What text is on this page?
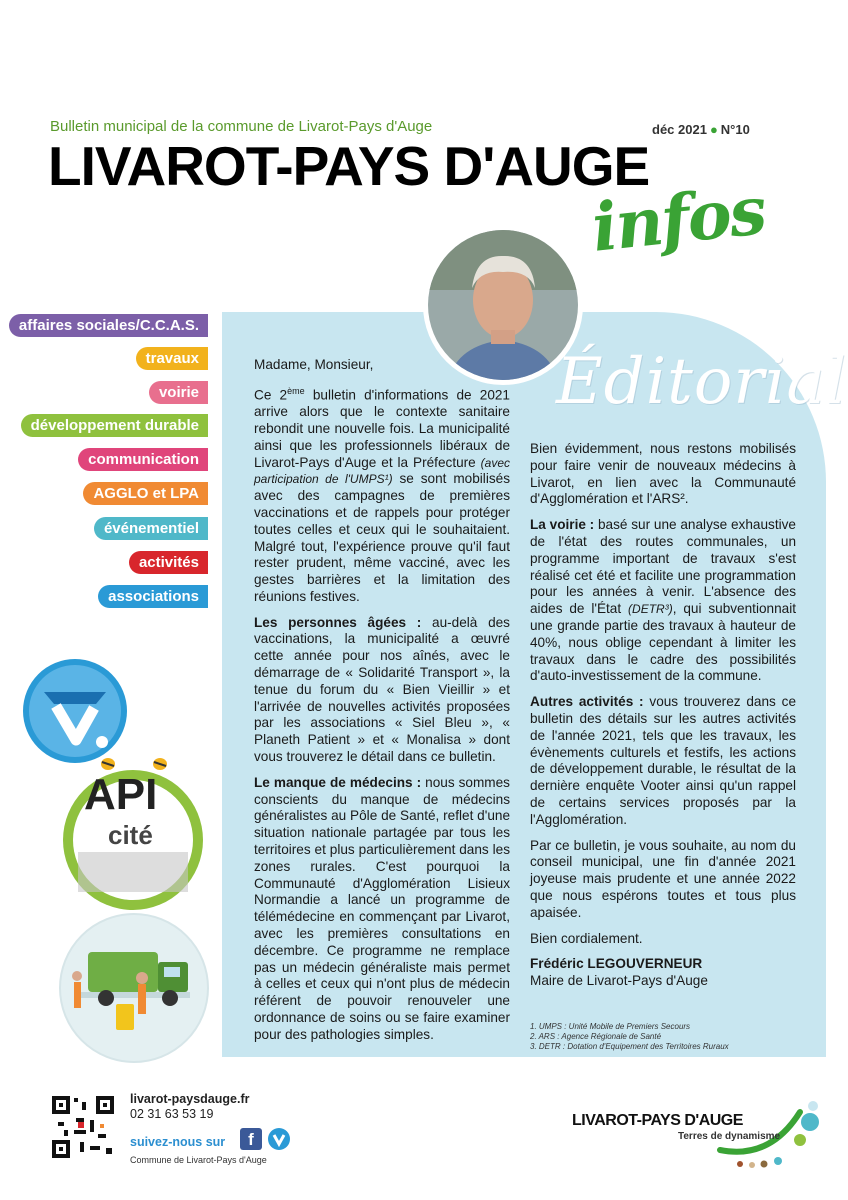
Bulletin municipal de la commune de Livarot-Pays d'Auge	déc 2021 ● N°10
LIVAROT-PAYS D'AUGE
infos
Éditorial
affaires sociales/C.C.A.S.
travaux
voirie
développement durable
communication
AGGLO et LPA
événementiel
activités
associations
API
cité

Madame, Monsieur,

Ce 2ème bulletin d'informations de 2021 arrive alors que le contexte sanitaire rebondit une nouvelle fois. La municipalité ainsi que les professionnels libéraux de Livarot-Pays d'Auge et la Préfecture (avec participation de l'UMPS¹) se sont mobilisés avec des campagnes de premières vaccinations et de rappels pour protéger toutes celles et ceux qui le souhaitaient. Malgré tout, l'expérience prouve qu'il faut rester prudent, même vacciné, avec les gestes barrières et la limitation des réunions festives.

Les personnes âgées : au-delà des vaccinations, la municipalité a œuvré cette année pour nos aînés, avec le démarrage de « Solidarité Transport », la tenue du forum du « Bien Vieillir » et l'arrivée de nouvelles activités proposées par les associations « Siel Bleu », « Planeth Patient » et « Monalisa » dont vous trouverez le détail dans ce bulletin.

Le manque de médecins : nous sommes conscients du manque de médecins généralistes au Pôle de Santé, reflet d'une situation nationale partagée par tous les territoires et plus particulièrement dans les zones rurales. C'est pourquoi la Communauté d'Agglomération Lisieux Normandie a lancé un programme de télémédecine en commençant par Livarot, avec les premières consultations en décembre. Ce programme ne remplace pas un médecin généraliste mais permet à celles et ceux qui n'ont plus de médecin référent de pouvoir renouveler une ordonnance de soins ou se faire examiner pour des pathologies simples.

Bien évidemment, nous restons mobilisés pour faire venir de nouveaux médecins à Livarot, en lien avec la Communauté d'Agglomération et l'ARS².

La voirie : basé sur une analyse exhaustive de l'état des routes communales, un programme important de travaux s'est réalisé cet été et facilite une programmation pour les années à venir. L'absence des aides de l'État (DETR³), qui subventionnait une grande partie des travaux à hauteur de 40%, nous oblige cependant à limiter les travaux dans le cadre des possibilités d'auto-investissement de la commune.

Autres activités : vous trouverez dans ce bulletin des détails sur les autres activités de l'année 2021, tels que les travaux, les évènements culturels et festifs, les actions de développement durable, le résultat de la dernière enquête Vooter ainsi qu'un rappel de certains services proposés par la l'Agglomération.

Par ce bulletin, je vous souhaite, au nom du conseil municipal, une fin d'année 2021 joyeuse mais prudente et une année 2022 que nous espérons toutes et tous plus apaisée.

Bien cordialement.

Frédéric LEGOUVERNEUR
Maire de Livarot-Pays d'Auge
1. UMPS : Unité Mobile de Premiers Secours
2. ARS : Agence Régionale de Santé
3. DETR : Dotation d'Equipement des Territoires Ruraux
livarot-paysdauge.fr
02 31 63 53 19
suivez-nous sur	f
Commune de Livarot-Pays d'Auge
LIVAROT-PAYS D'AUGE
Terres de dynamisme
